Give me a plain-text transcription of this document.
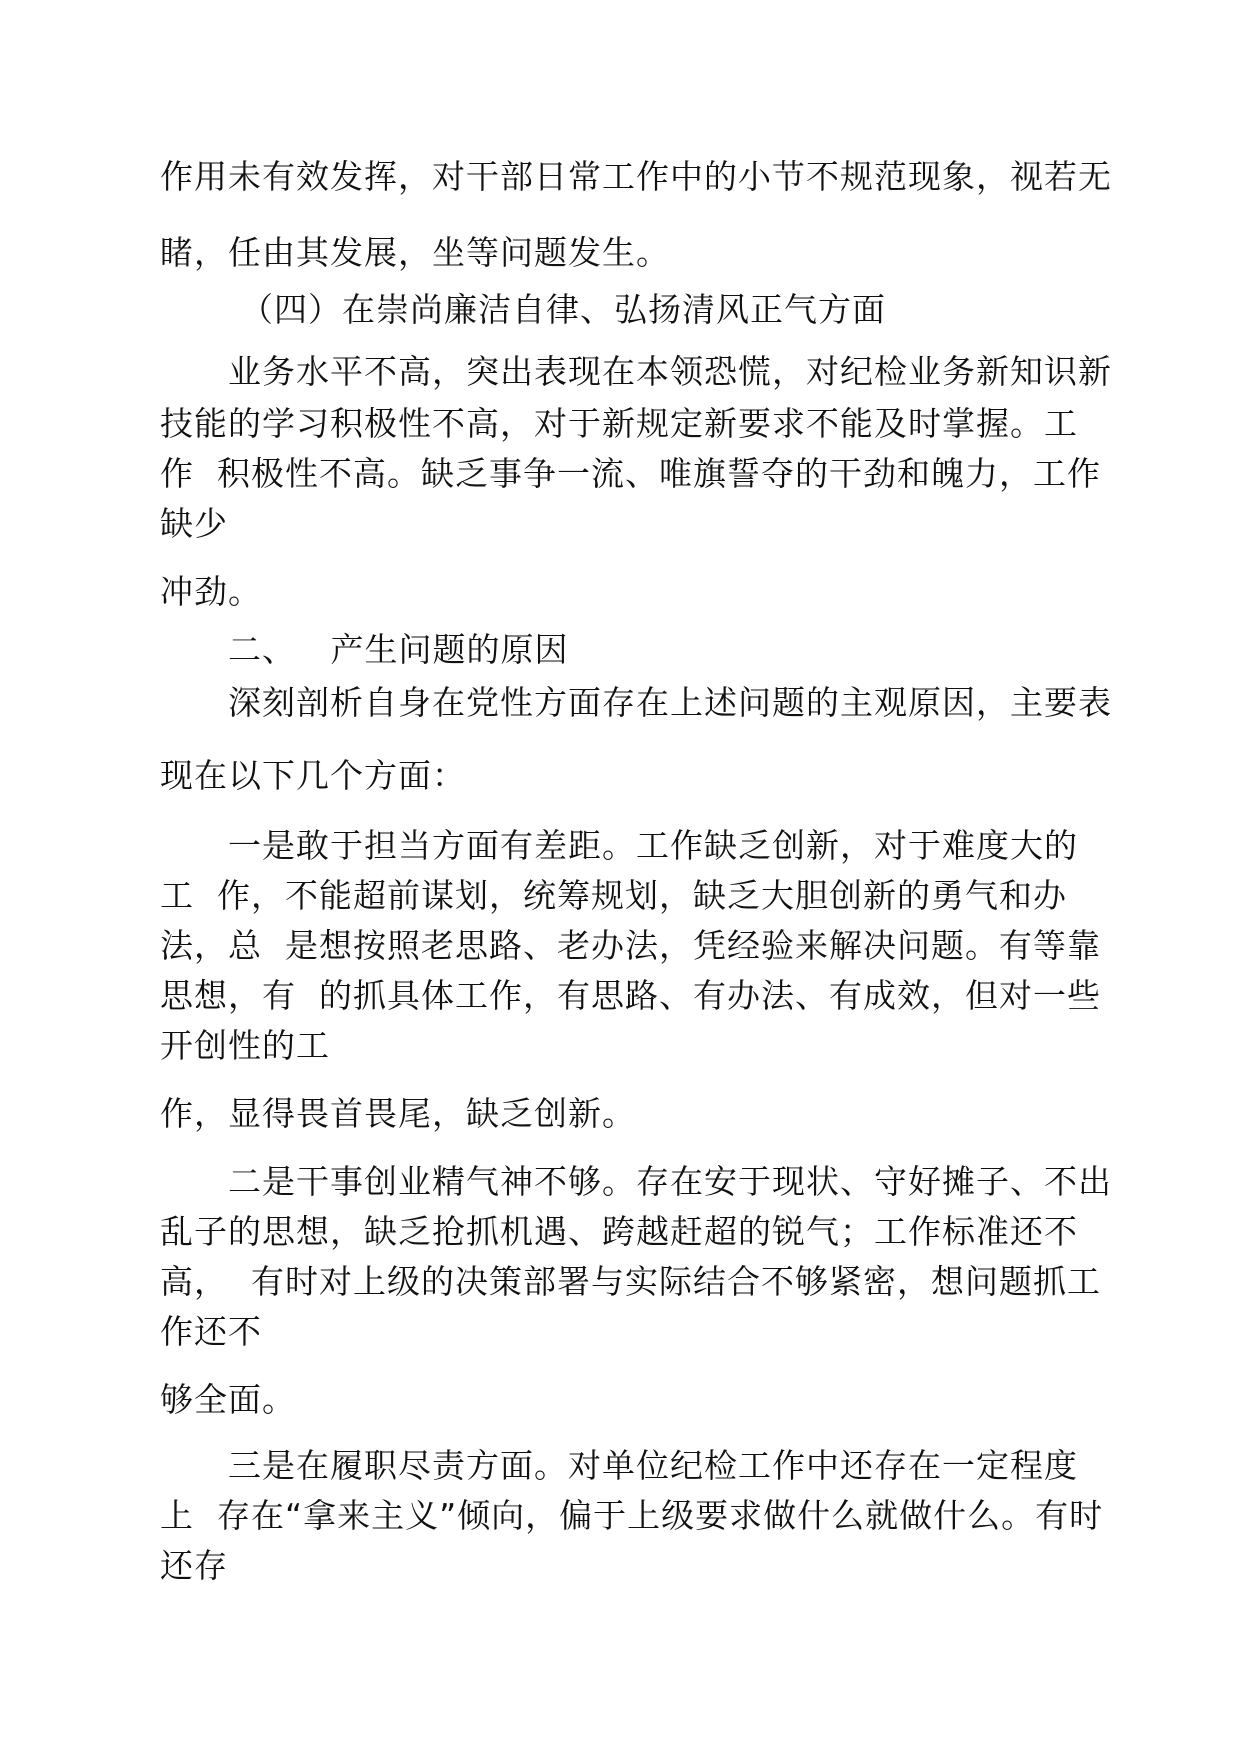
作用未有效发挥，对干部日常工作中的小节不规范现象，视若无
睹，任由其发展，坐等问题发生。
（四）在崇尚廉洁自律、弘扬清风正气方面
业务水平不高，突出表现在本领恐慌，对纪检业务新知识新
技能的学习积极性不高，对于新规定新要求不能及时掌握。工
作  积极性不高。缺乏事争一流、唯旗誓夺的干劲和魄力，工作
缺少
冲劲。
二、   产生问题的原因
深刻剖析自身在党性方面存在上述问题的主观原因，主要表
现在以下几个方面：
一是敢于担当方面有差距。工作缺乏创新，对于难度大的
工  作，不能超前谋划，统筹规划，缺乏大胆创新的勇气和办
法，总  是想按照老思路、老办法，凭经验来解决问题。有等靠
思想，有  的抓具体工作，有思路、有办法、有成效，但对一些
开创性的工
作，显得畏首畏尾，缺乏创新。
二是干事创业精气神不够。存在安于现状、守好摊子、不出
乱子的思想，缺乏抢抓机遇、跨越赶超的锐气；工作标准还不
高，  有时对上级的决策部署与实际结合不够紧密，想问题抓工
作还不
够全面。
三是在履职尽责方面。对单位纪检工作中还存在一定程度
上  存在“拿来主义”倾向，偏于上级要求做什么就做什么。有时
还存
